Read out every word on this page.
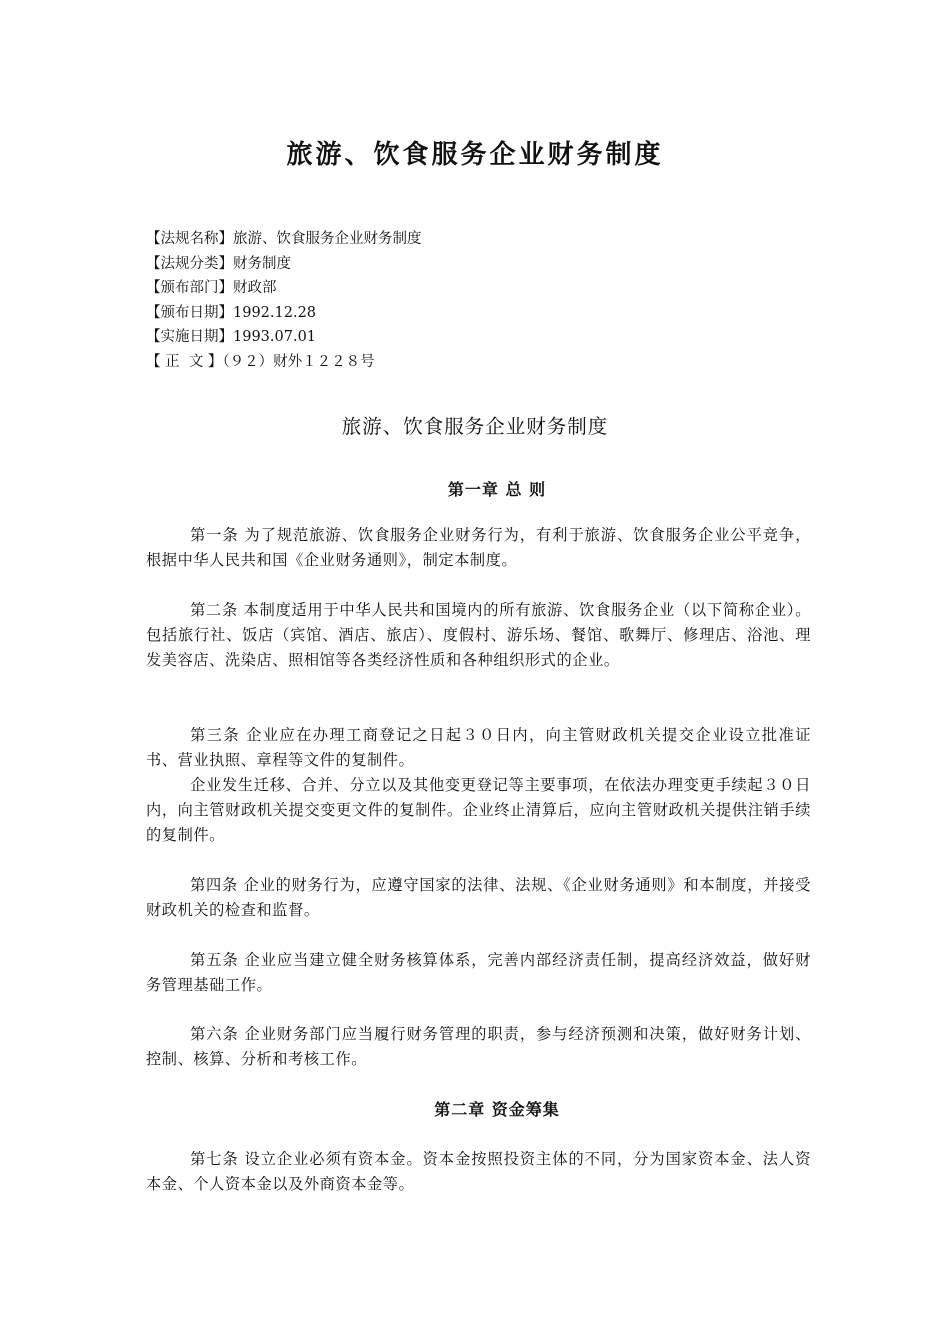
旅游、饮食服务企业财务制度
【法规名称】旅游、饮食服务企业财务制度
【法规分类】财务制度
【颁布部门】财政部
【颁布日期】1992.12.28
【实施日期】1993.07.01
【 正  文 】（９２）财外１２２８号
旅游、饮食服务企业财务制度
第一章 总 则
第一条 为了规范旅游、饮食服务企业财务行为，有利于旅游、饮食服务企业公平竞争，根据中华人民共和国《企业财务通则》，制定本制度。
第二条 本制度适用于中华人民共和国境内的所有旅游、饮食服务企业（以下简称企业）。包括旅行社、饭店（宾馆、酒店、旅店）、度假村、游乐场、餐馆、歌舞厅、修理店、浴池、理发美容店、洗染店、照相馆等各类经济性质和各种组织形式的企业。
第三条 企业应在办理工商登记之日起３０日内，向主管财政机关提交企业设立批准证书、营业执照、章程等文件的复制件。
企业发生迁移、合并、分立以及其他变更登记等主要事项，在依法办理变更手续起３０日内，向主管财政机关提交变更文件的复制件。企业终止清算后，应向主管财政机关提供注销手续的复制件。
第四条 企业的财务行为，应遵守国家的法律、法规、《企业财务通则》和本制度，并接受财政机关的检查和监督。
第五条 企业应当建立健全财务核算体系，完善内部经济责任制，提高经济效益，做好财务管理基础工作。
第六条 企业财务部门应当履行财务管理的职责，参与经济预测和决策，做好财务计划、控制、核算、分析和考核工作。
第二章 资金筹集
第七条 设立企业必须有资本金。资本金按照投资主体的不同，分为国家资本金、法人资本金、个人资本金以及外商资本金等。
